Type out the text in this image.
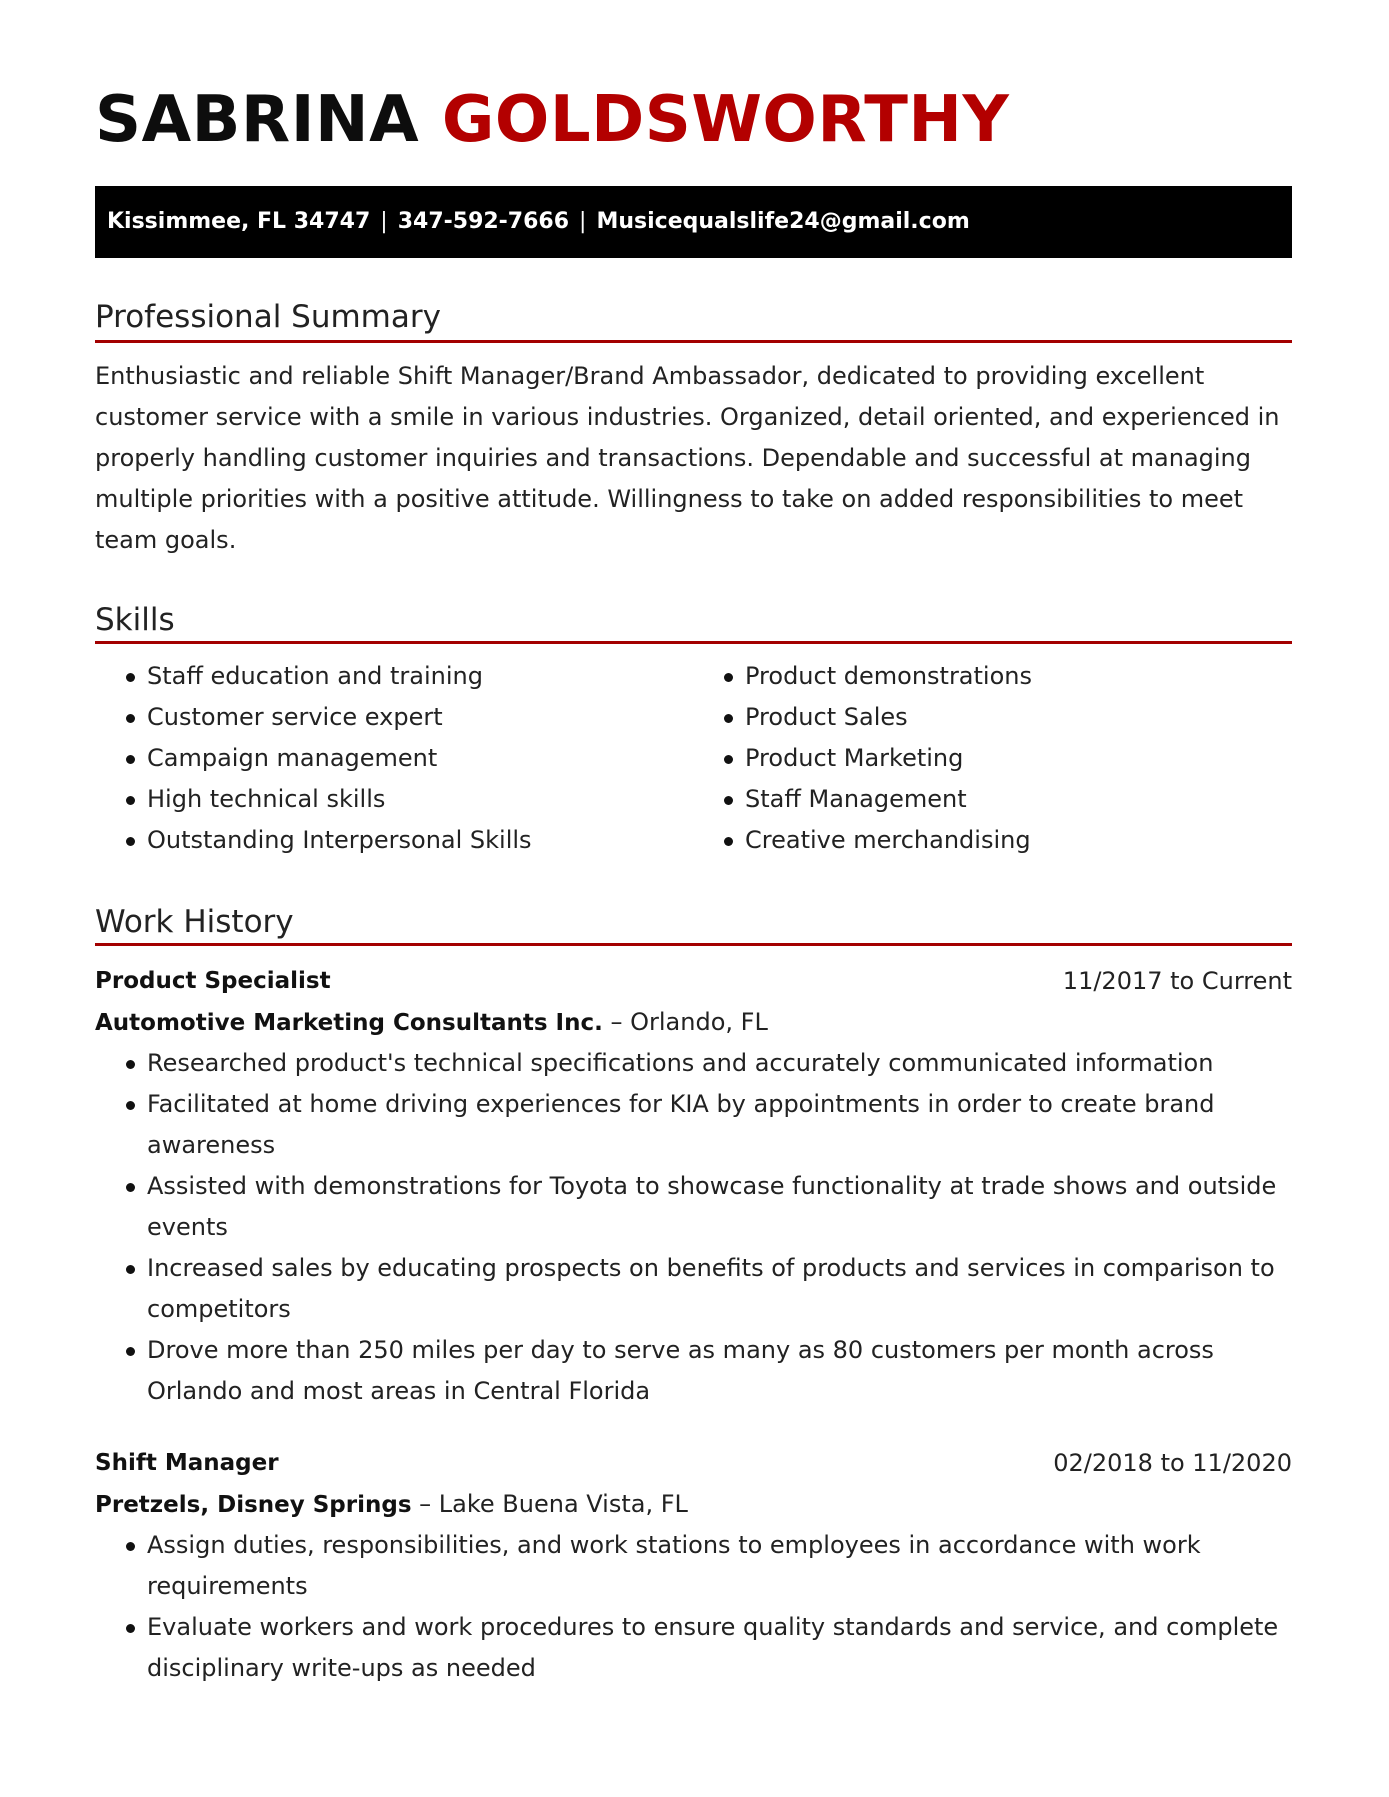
SABRINA GOLDSWORTHY
Kissimmee, FL 34747 | 347-592-7666 | Musicequalslife24@gmail.com
Professional Summary

Enthusiastic and reliable Shift Manager/Brand Ambassador, dedicated to providing excellent customer service with a smile in various industries. Organized, detail oriented, and experienced in properly handling customer inquiries and transactions. Dependable and successful at managing multiple priorities with a positive attitude. Willingness to take on added responsibilities to meet team goals.

Skills
Staff education and training
Customer service expert
Campaign management
High technical skills
Outstanding Interpersonal Skills
Product demonstrations
Product Sales
Product Marketing
Staff Management
Creative merchandising
Work History
Product Specialist	11/2017 to Current
Automotive Marketing Consultants Inc. – Orlando, FL
Researched product's technical specifications and accurately communicated information
Facilitated at home driving experiences for KIA by appointments in order to create brand awareness
Assisted with demonstrations for Toyota to showcase functionality at trade shows and outside events
Increased sales by educating prospects on benefits of products and services in comparison to competitors
Drove more than 250 miles per day to serve as many as 80 customers per month across Orlando and most areas in Central Florida
Shift Manager	02/2018 to 11/2020
Pretzels, Disney Springs – Lake Buena Vista, FL
Assign duties, responsibilities, and work stations to employees in accordance with work requirements
Evaluate workers and work procedures to ensure quality standards and service, and complete disciplinary write-ups as needed
